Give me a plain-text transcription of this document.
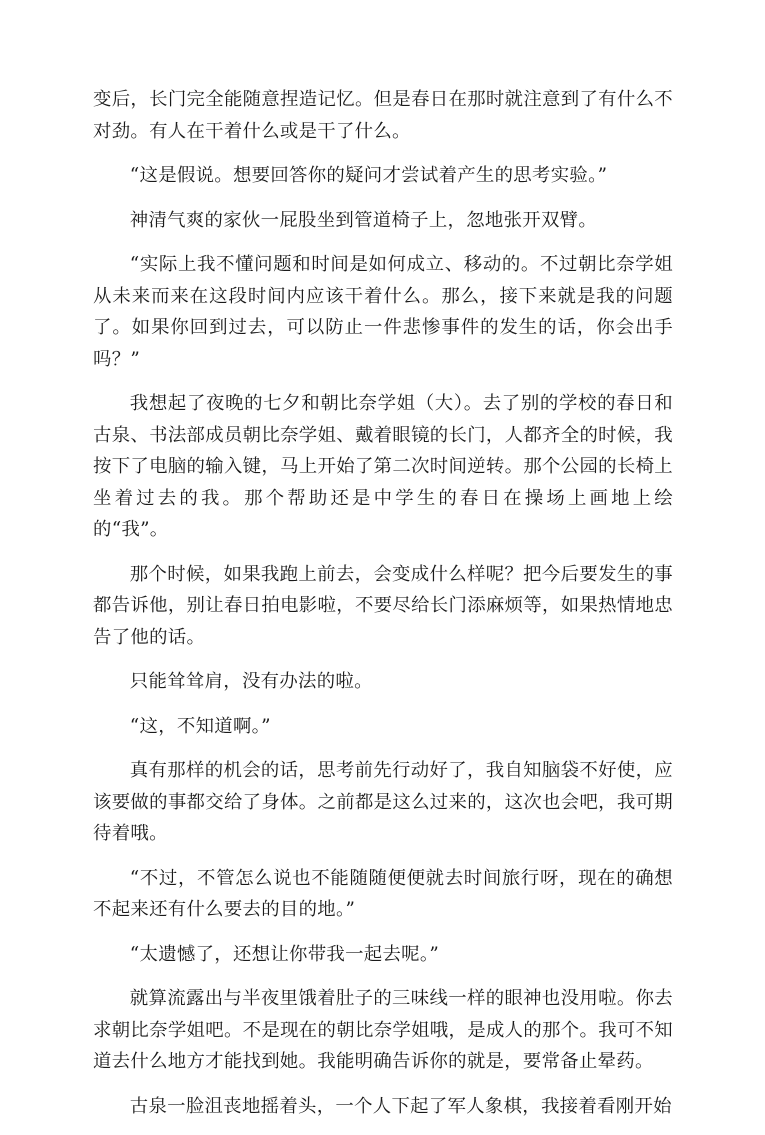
变后，长门完全能随意捏造记忆。但是春日在那时就注意到了有什么不对劲。有人在干着什么或是干了什么。

“这是假说。想要回答你的疑问才尝试着产生的思考实验。”

神清气爽的家伙一屁股坐到管道椅子上，忽地张开双臂。

“实际上我不懂问题和时间是如何成立、移动的。不过朝比奈学姐从未来而来在这段时间内应该干着什么。那么，接下来就是我的问题了。如果你回到过去，可以防止一件悲惨事件的发生的话，你会出手吗？”

我想起了夜晚的七夕和朝比奈学姐（大）。去了别的学校的春日和古泉、书法部成员朝比奈学姐、戴着眼镜的长门，人都齐全的时候，我按下了电脑的输入键，马上开始了第二次时间逆转。那个公园的长椅上坐着过去的我。那个帮助还是中学生的春日在操场上画地上绘的“我”。

那个时候，如果我跑上前去，会变成什么样呢？把今后要发生的事都告诉他，别让春日拍电影啦，不要尽给长门添麻烦等，如果热情地忠告了他的话。

只能耸耸肩，没有办法的啦。

“这，不知道啊。”

真有那样的机会的话，思考前先行动好了，我自知脑袋不好使，应该要做的事都交给了身体。之前都是这么过来的，这次也会吧，我可期待着哦。

“不过，不管怎么说也不能随随便便就去时间旅行呀，现在的确想不起来还有什么要去的目的地。”

“太遗憾了，还想让你带我一起去呢。”

就算流露出与半夜里饿着肚子的三味线一样的眼神也没用啦。你去求朝比奈学姐吧。不是现在的朝比奈学姐哦，是成人的那个。我可不知道去什么地方才能找到她。我能明确告诉你的就是，要常备止晕药。

古泉一脸沮丧地摇着头，一个人下起了军人象棋，我接着看刚开始
